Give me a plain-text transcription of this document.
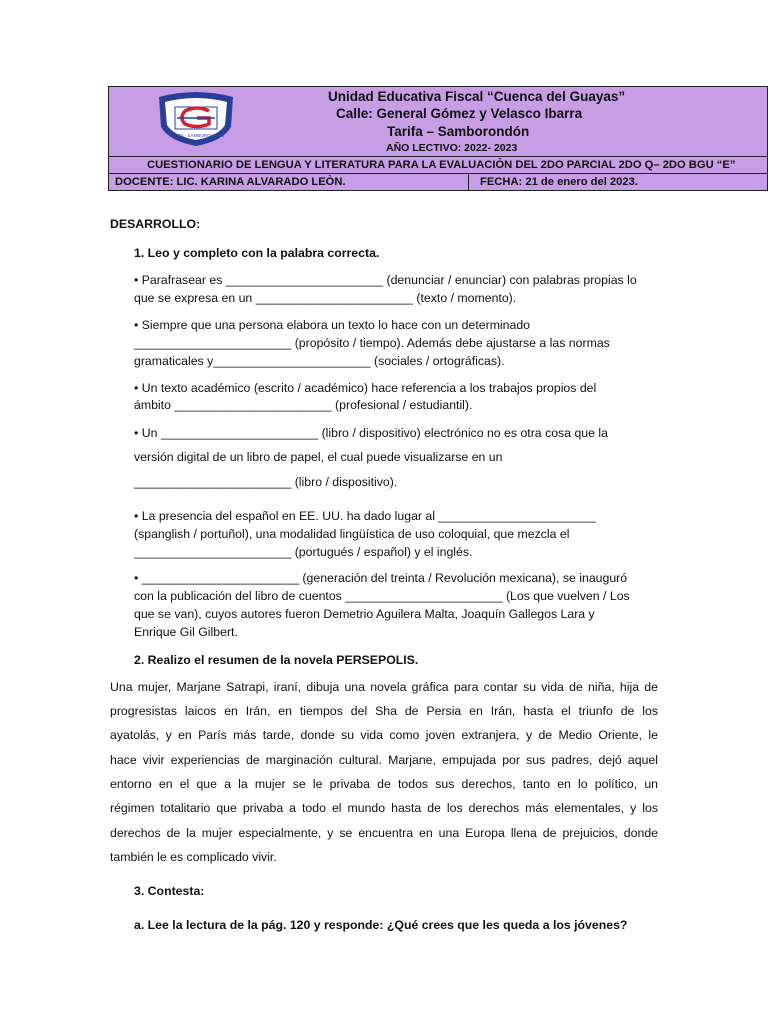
TARIFA - SAMBORONDÓN
Unidad Educativa Fiscal “Cuenca del Guayas”
Calle: General Gómez y Velasco Ibarra
Tarifa – Samborondón
AÑO LECTIVO: 2022- 2023
CUESTIONARIO DE LENGUA Y LITERATURA PARA LA EVALUACIÒN DEL 2DO PARCIAL 2DO Q– 2DO BGU “E”
DOCENTE: LIC. KARINA ALVARADO LEÒN.	FECHA: 21 de enero del 2023.
DESARROLLO:
1. Leo y completo con la palabra correcta.
• Parafrasear es _______________________ (denunciar / enunciar) con palabras propias lo
que se expresa en un _______________________ (texto / momento).
• Siempre que una persona elabora un texto lo hace con un determinado
_______________________ (propósito / tiempo). Además debe ajustarse a las normas
gramaticales y_______________________ (sociales / ortográficas).
• Un texto académico (escrito / académico) hace referencia a los trabajos propios del
ámbito _______________________ (profesional / estudiantil).
• Un _______________________ (libro / dispositivo) electrónico no es otra cosa que la
versión digital de un libro de papel, el cual puede visualizarse en un
_______________________ (libro / dispositivo).
• La presencia del español en EE. UU. ha dado lugar al _______________________
(spanglish / portuñol), una modalidad lingüística de uso coloquial, que mezcla el
_______________________ (portugués / español) y el inglés.
• _______________________ (generación del treinta / Revolución mexicana), se inauguró
con la publicación del libro de cuentos _______________________ (Los que vuelven / Los
que se van), cuyos autores fueron Demetrio Aguilera Malta, Joaquín Gallegos Lara y
Enrique Gil Gilbert.
2. Realizo el resumen de la novela PERSEPOLIS.
Una mujer, Marjane Satrapi, iraní, dibuja una novela gráfica para contar su vida de niña, hija de
progresistas laicos en Irán, en tiempos del Sha de Persia en Irán, hasta el triunfo de los
ayatolás, y en París más tarde, donde su vida como joven extranjera, y de Medio Oriente, le
hace vivir experiencias de marginación cultural. Marjane, empujada por sus padres, dejó aquel
entorno en el que a la mujer se le privaba de todos sus derechos, tanto en lo político, un
régimen totalitario que privaba a todo el mundo hasta de los derechos más elementales, y los
derechos de la mujer especialmente, y se encuentra en una Europa llena de prejuicios, donde
también le es complicado vivir.
3. Contesta:
a. Lee la lectura de la pág. 120 y responde: ¿Qué crees que les queda a los jóvenes?
